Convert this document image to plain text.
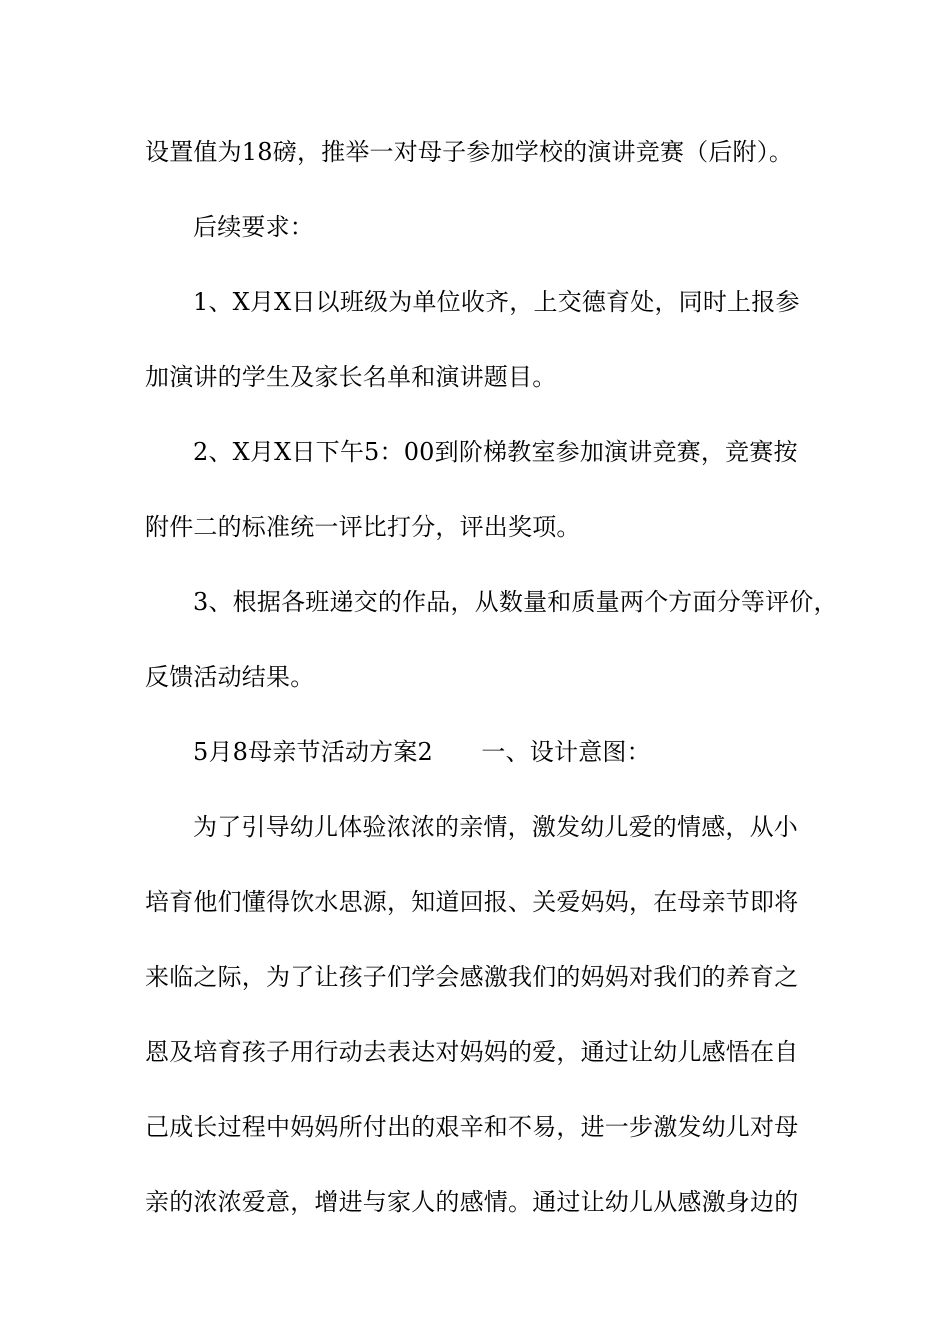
设置值为18磅，推举一对母子参加学校的演讲竞赛（后附）。

后续要求：

1、X月X日以班级为单位收齐，上交德育处，同时上报参

加演讲的学生及家长名单和演讲题目。

2、X月X日下午5：00到阶梯教室参加演讲竞赛，竞赛按

附件二的标准统一评比打分，评出奖项。

3、根据各班递交的作品，从数量和质量两个方面分等评价，

反馈活动结果。

5月8母亲节活动方案2　　一、设计意图：

为了引导幼儿体验浓浓的亲情，激发幼儿爱的情感，从小

培育他们懂得饮水思源，知道回报、关爱妈妈，在母亲节即将

来临之际，为了让孩子们学会感激我们的妈妈对我们的养育之

恩及培育孩子用行动去表达对妈妈的爱，通过让幼儿感悟在自

己成长过程中妈妈所付出的艰辛和不易，进一步激发幼儿对母

亲的浓浓爱意，增进与家人的感情。通过让幼儿从感激身边的
